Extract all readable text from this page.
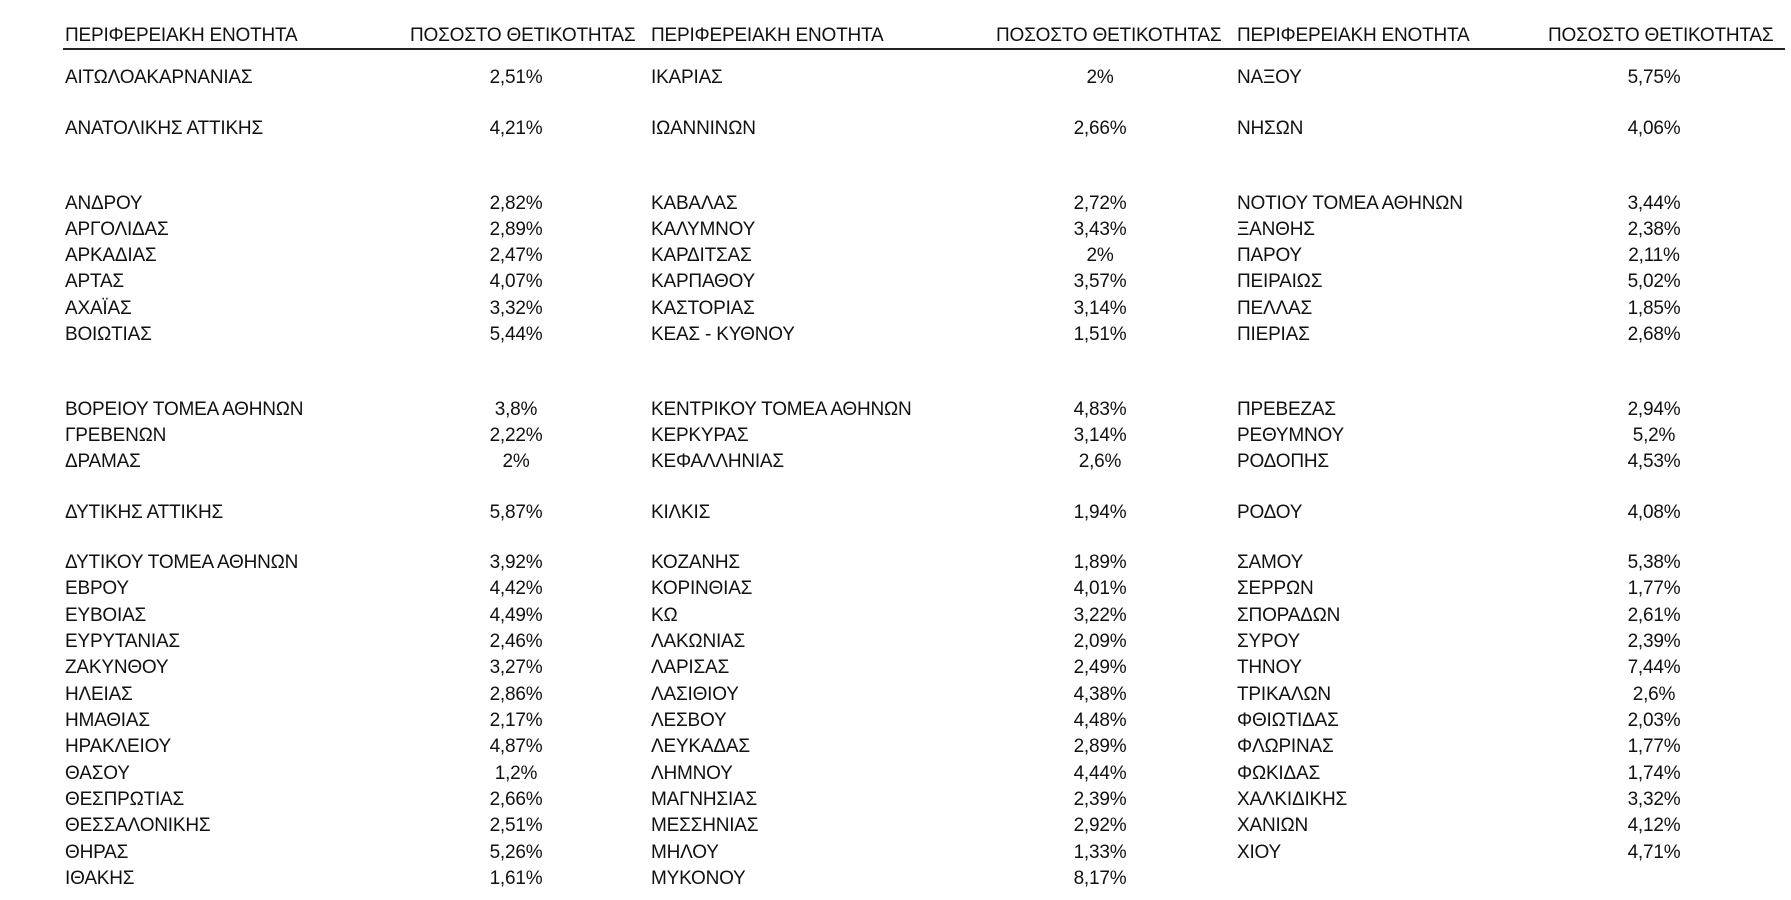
ΠΕΡΙΦΕΡΕΙΑΚΗ ΕΝΟΤΗΤΑ	ΠΟΣΟΣΤΟ ΘΕΤΙΚΟΤΗΤΑΣ ΠΕΡΙΦΕΡΕΙΑΚΗ ΕΝΟΤΗΤΑ	ΠΟΣΟΣΤΟ ΘΕΤΙΚΟΤΗΤΑΣ ΠΕΡΙΦΕΡΕΙΑΚΗ ΕΝΟΤΗΤΑ	ΠΟΣΟΣΤΟ ΘΕΤΙΚΟΤΗΤΑΣ
ΑΙΤΩΛΟΑΚΑΡΝΑΝΙΑΣ	2,51%
ΑΝΑΤΟΛΙΚΗΣ ΑΤΤΙΚΗΣ	4,21%
ΑΝΔΡΟΥ	2,82%
ΑΡΓΟΛΙΔΑΣ	2,89%
ΑΡΚΑΔΙΑΣ	2,47%
ΑΡΤΑΣ	4,07%
ΑΧΑΪΑΣ	3,32%
ΒΟΙΩΤΙΑΣ	5,44%
ΒΟΡΕΙΟΥ ΤΟΜΕΑ ΑΘΗΝΩΝ	3,8%
ΓΡΕΒΕΝΩΝ	2,22%
ΔΡΑΜΑΣ	2%
ΔΥΤΙΚΗΣ ΑΤΤΙΚΗΣ	5,87%
ΔΥΤΙΚΟΥ ΤΟΜΕΑ ΑΘΗΝΩΝ	3,92%
ΕΒΡΟΥ	4,42%
ΕΥΒΟΙΑΣ	4,49%
ΕΥΡΥΤΑΝΙΑΣ	2,46%
ΖΑΚΥΝΘΟΥ	3,27%
ΗΛΕΙΑΣ	2,86%
ΗΜΑΘΙΑΣ	2,17%
ΗΡΑΚΛΕΙΟΥ	4,87%
ΘΑΣΟΥ	1,2%
ΘΕΣΠΡΩΤΙΑΣ	2,66%
ΘΕΣΣΑΛΟΝΙΚΗΣ	2,51%
ΘΗΡΑΣ	5,26%
ΙΘΑΚΗΣ	1,61%
ΙΚΑΡΙΑΣ	2%
ΙΩΑΝΝΙΝΩΝ	2,66%
ΚΑΒΑΛΑΣ	2,72%
ΚΑΛΥΜΝΟΥ	3,43%
ΚΑΡΔΙΤΣΑΣ	2%
ΚΑΡΠΑΘΟΥ	3,57%
ΚΑΣΤΟΡΙΑΣ	3,14%
ΚΕΑΣ - ΚΥΘΝΟΥ	1,51%
ΚΕΝΤΡΙΚΟΥ ΤΟΜΕΑ ΑΘΗΝΩΝ	4,83%
ΚΕΡΚΥΡΑΣ	3,14%
ΚΕΦΑΛΛΗΝΙΑΣ	2,6%
ΚΙΛΚΙΣ	1,94%
ΚΟΖΑΝΗΣ	1,89%
ΚΟΡΙΝΘΙΑΣ	4,01%
ΚΩ	3,22%
ΛΑΚΩΝΙΑΣ	2,09%
ΛΑΡΙΣΑΣ	2,49%
ΛΑΣΙΘΙΟΥ	4,38%
ΛΕΣΒΟΥ	4,48%
ΛΕΥΚΑΔΑΣ	2,89%
ΛΗΜΝΟΥ	4,44%
ΜΑΓΝΗΣΙΑΣ	2,39%
ΜΕΣΣΗΝΙΑΣ	2,92%
ΜΗΛΟΥ	1,33%
ΜΥΚΟΝΟΥ	8,17%
ΝΑΞΟΥ	5,75%
ΝΗΣΩΝ	4,06%
ΝΟΤΙΟΥ ΤΟΜΕΑ ΑΘΗΝΩΝ	3,44%
ΞΑΝΘΗΣ	2,38%
ΠΑΡΟΥ	2,11%
ΠΕΙΡΑΙΩΣ	5,02%
ΠΕΛΛΑΣ	1,85%
ΠΙΕΡΙΑΣ	2,68%
ΠΡΕΒΕΖΑΣ	2,94%
ΡΕΘΥΜΝΟΥ	5,2%
ΡΟΔΟΠΗΣ	4,53%
ΡΟΔΟΥ	4,08%
ΣΑΜΟΥ	5,38%
ΣΕΡΡΩΝ	1,77%
ΣΠΟΡΑΔΩΝ	2,61%
ΣΥΡΟΥ	2,39%
ΤΗΝΟΥ	7,44%
ΤΡΙΚΑΛΩΝ	2,6%
ΦΘΙΩΤΙΔΑΣ	2,03%
ΦΛΩΡΙΝΑΣ	1,77%
ΦΩΚΙΔΑΣ	1,74%
ΧΑΛΚΙΔΙΚΗΣ	3,32%
ΧΑΝΙΩΝ	4,12%
ΧΙΟΥ	4,71%
